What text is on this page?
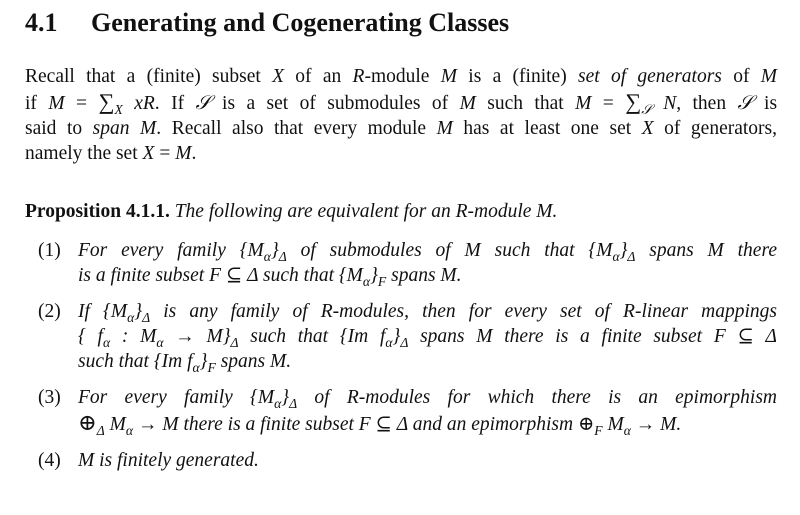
4.1 Generating and Cogenerating Classes
Recall that a (finite) subset X of an R-module M is a (finite) set of generators of M
if $M = \sum_X$ xR. If 𝒮 is a set of submodules of M such that $M = \sum_𝒮$ N, then 𝒮 is
said to span M. Recall also that every module M has at least one set X of generators,
namely the set X = M.
Proposition 4.1.1. The following are equivalent for an R-module M.
(1) For every family $\{M_\alpha\}_\Delta$ of submodules of M such that $\{M_\alpha\}_\Delta$ spans M there
is a finite subset F ⊆ Δ such that $\{M_\alpha\}_F$ spans M.
(2) If $\{M_\alpha\}_\Delta$ is any family of R-modules, then for every set of R-linear mappings
{ $f_\alpha$ : $M_\alpha \to M\}_\Delta$ such that {Im $f_\alpha\}_\Delta$ spans M there is a finite subset F ⊆ Δ
such that {Im $f_\alpha\}_F$ spans M.
(3) For every family $\{M_\alpha\}_\Delta$ of R-modules for which there is an epimorphism
$\oplus_\Delta$ $M_\alpha \to M$ there is a finite subset F ⊆ Δ and an epimorphism $\oplus_F$ $M_\alpha \to M$.
(4) M is finitely generated.
